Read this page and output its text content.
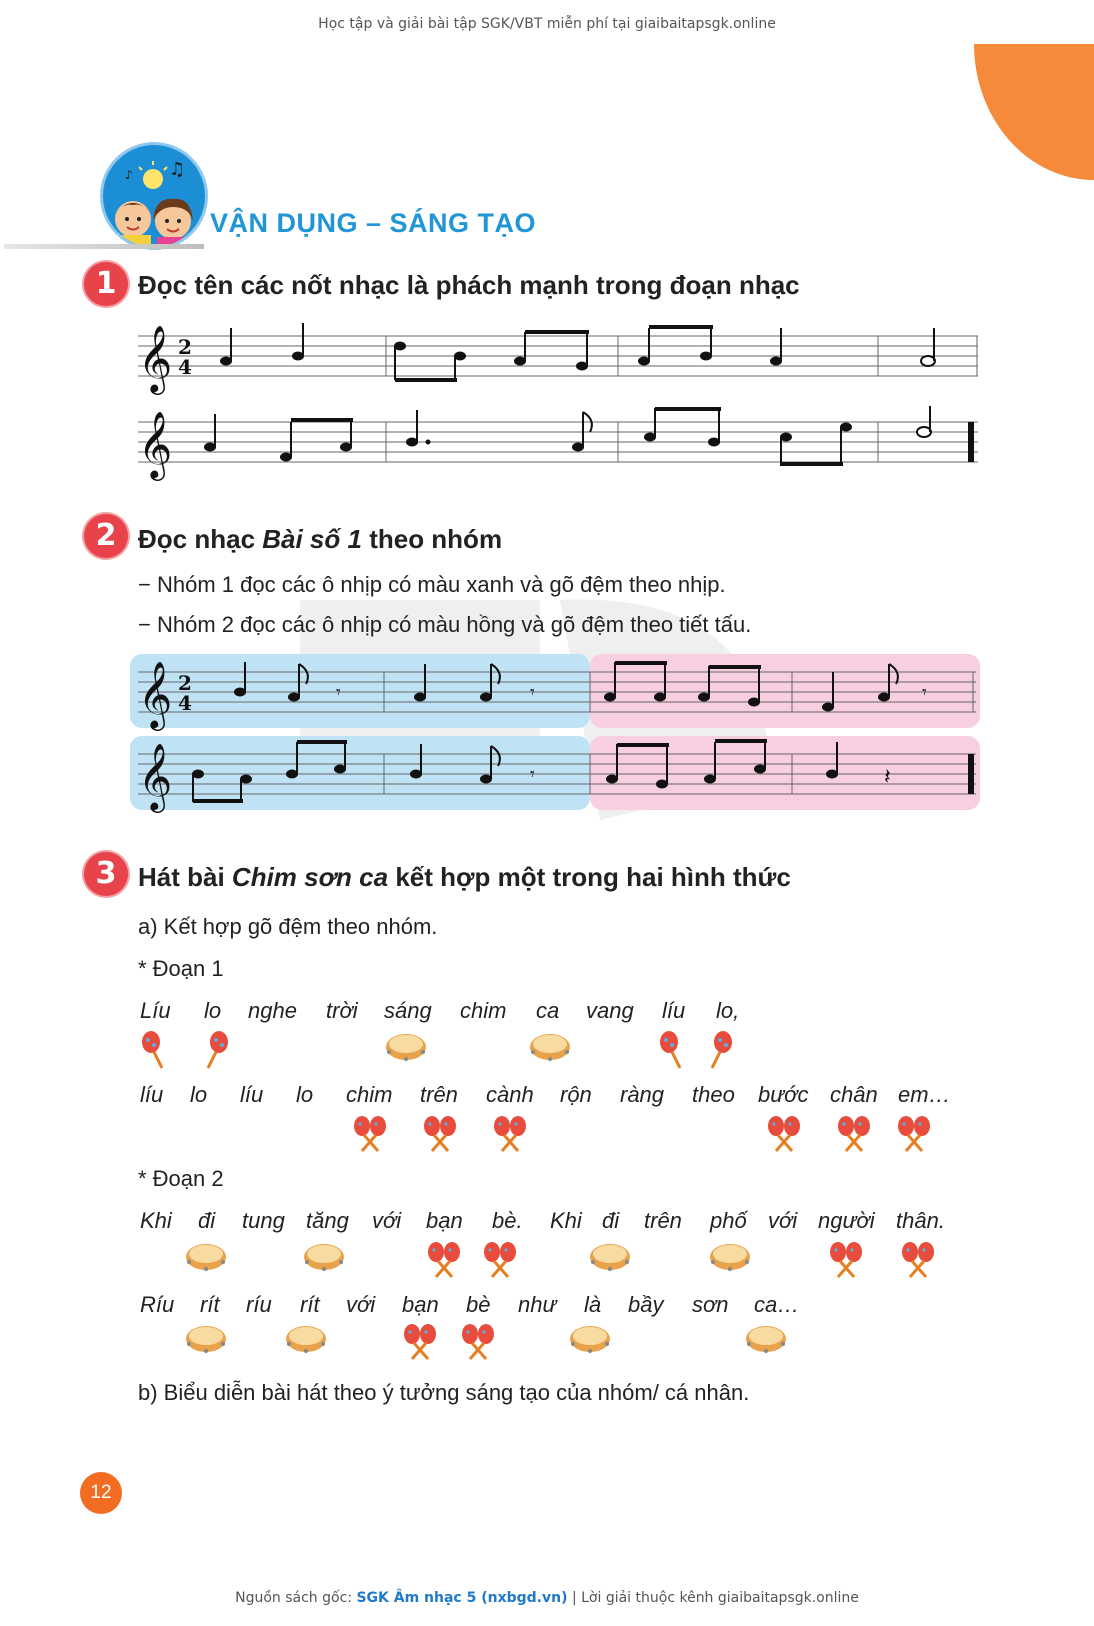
Học tập và giải bài tập SGK/VBT miễn phí tại giaibaitapsgk.online
♫
♪
VẬN DỤNG – SÁNG TẠO
1 Đọc tên các nốt nhạc là phách mạnh trong đoạn nhạc
𝄞 2
4
𝄞
2 Đọc nhạc Bài số 1 theo nhóm
− Nhóm 1 đọc các ô nhịp có màu xanh và gõ đệm theo nhịp.
− Nhóm 2 đọc các ô nhịp có màu hồng và gõ đệm theo tiết tấu.
𝄞
𝄞
2
4	𝄾	𝄾	𝄾
𝄾	𝄽
3 Hát bài Chim sơn ca kết hợp một trong hai hình thức
a) Kết hợp gõ đệm theo nhóm.
* Đoạn 1
Líu lo nghe trời sáng chim ca vang líu lo,
líu lo líu lo chim trên cành rộn ràng theo bước chân em…
* Đoạn 2
Khi đi tung tăng với bạn bè. Khi đi trên phố với người thân.
Ríu rít ríu rít với bạn bè như là bầy sơn ca…
b) Biểu diễn bài hát theo ý tưởng sáng tạo của nhóm/ cá nhân.
12
Nguồn sách gốc: SGK Âm nhạc 5 (nxbgd.vn) | Lời giải thuộc kênh giaibaitapsgk.online
